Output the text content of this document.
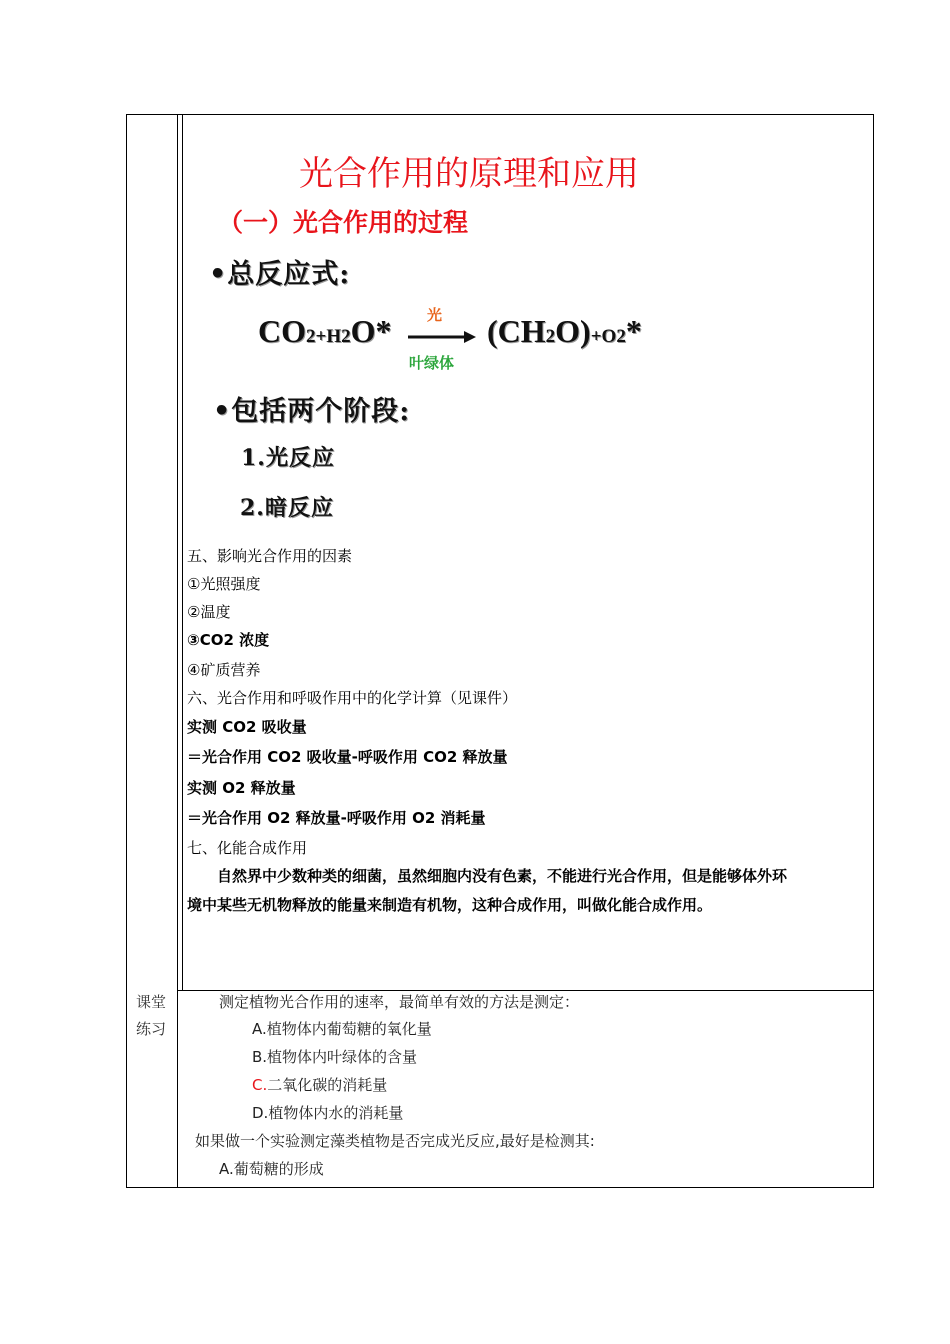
光合作用的原理和应用
（一）光合作用的过程
•总反应式:
CO2+H2O* 光
叶绿体
(CH2O)+O2*
•包括两个阶段:
1.光反应
2.暗反应
五、影响光合作用的因素
①光照强度
②温度
③CO2 浓度
④矿质营养
六、光合作用和呼吸作用中的化学计算（见课件）
实测 CO2 吸收量
＝光合作用 CO2 吸收量-呼吸作用 CO2 释放量
实测 O2 释放量
＝光合作用 O2 释放量-呼吸作用 O2 消耗量
七、化能合成作用
自然界中少数种类的细菌，虽然细胞内没有色素，不能进行光合作用，但是能够体外环
境中某些无机物释放的能量来制造有机物，这种合成作用，叫做化能合成作用。
课堂
练习
测定植物光合作用的速率，最简单有效的方法是测定：
A.植物体内葡萄糖的氧化量
B.植物体内叶绿体的含量
C.二氧化碳的消耗量
D.植物体内水的消耗量
如果做一个实验测定藻类植物是否完成光反应,最好是检测其:
A.葡萄糖的形成
